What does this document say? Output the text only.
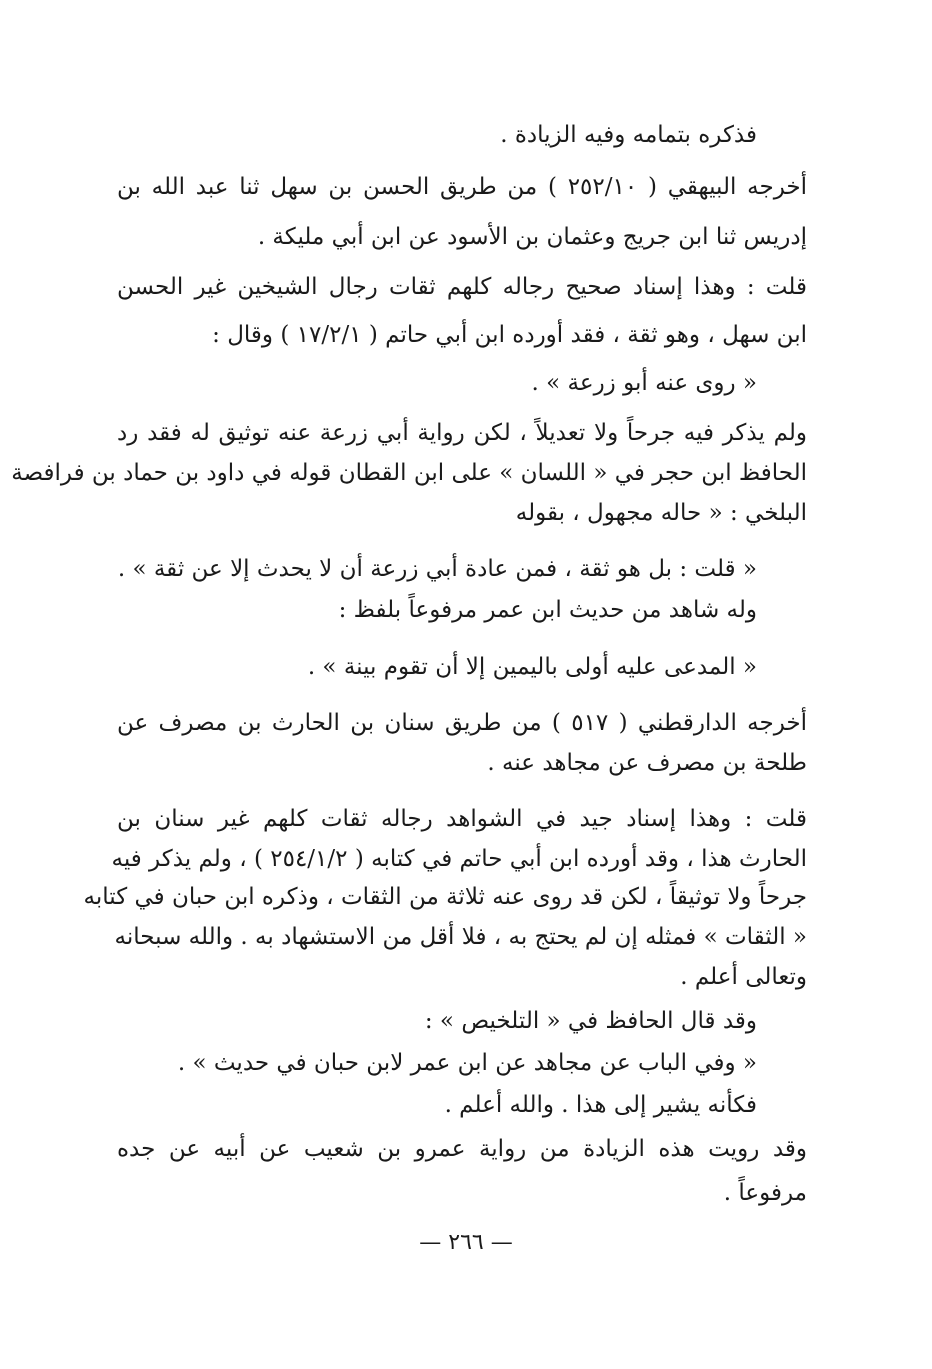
فذكره بتمامه وفيه الزيادة .
أخرجه البيهقي ( ٢٥٢/١٠ ) من طريق الحسن بن سهل ثنا عبد الله بن
إدريس ثنا ابن جريج وعثمان بن الأسود عن ابن أبي مليكة .
قلت : وهذا إسناد صحيح رجاله كلهم ثقات رجال الشيخين غير الحسن
ابن سهل ، وهو ثقة ، فقد أورده ابن أبي حاتم ( ١٧/٢/١ ) وقال :
« روى عنه أبو زرعة » .
ولم يذكر فيه جرحاً ولا تعديلاً ، لكن رواية أبي زرعة عنه توثيق له فقد رد
الحافظ ابن حجر في « اللسان » على ابن القطان قوله في داود بن حماد بن فرافصة
البلخي : « حاله مجهول ، بقوله
« قلت : بل هو ثقة ، فمن عادة أبي زرعة أن لا يحدث إلا عن ثقة » .
وله شاهد من حديث ابن عمر مرفوعاً بلفظ :
« المدعى عليه أولى باليمين إلا أن تقوم بينة » .
أخرجه الدارقطني ( ٥١٧ ) من طريق سنان بن الحارث بن مصرف عن
طلحة بن مصرف عن مجاهد عنه .
قلت : وهذا إسناد جيد في الشواهد رجاله ثقات كلهم غير سنان بن
الحارث هذا ، وقد أورده ابن أبي حاتم في كتابه ( ٢٥٤/١/٢ ) ، ولم يذكر فيه
جرحاً ولا توثيقاً ، لكن قد روى عنه ثلاثة من الثقات ، وذكره ابن حبان في كتابه
« الثقات » فمثله إن لم يحتج به ، فلا أقل من الاستشهاد به . والله سبحانه
وتعالى أعلم .
وقد قال الحافظ في « التلخيص » :
« وفي الباب عن مجاهد عن ابن عمر لابن حبان في حديث » .
فكأنه يشير إلى هذا . والله أعلم .
وقد رويت هذه الزيادة من رواية عمرو بن شعيب عن أبيه عن جده
مرفوعاً .
— ٢٦٦ —
